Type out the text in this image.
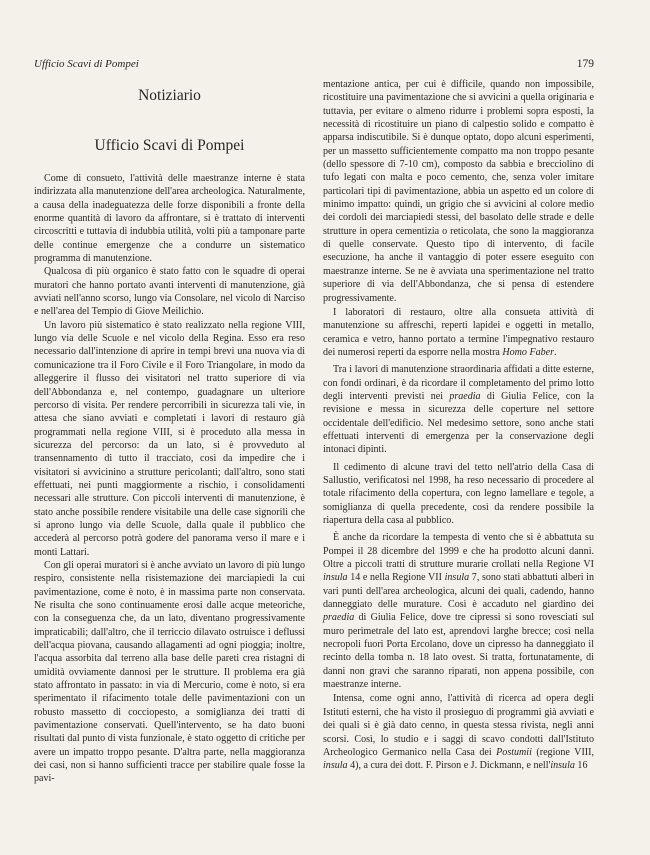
Ufficio Scavi di Pompei	179
Notiziario
Ufficio Scavi di Pompei

Come di consueto, l'attività delle maestranze interne è stata indirizzata alla manutenzione dell'area archeologica. Naturalmente, a causa della inadeguatezza delle forze disponibili a fronte della enorme quantità di lavoro da affrontare, si è trattato di interventi circoscritti e tuttavia di indubbia utilità, volti più a tamponare parte delle continue emergenze che a condurre un sistematico programma di manutenzione.

Qualcosa di più organico è stato fatto con le squadre di operai muratori che hanno portato avanti interventi di manutenzione, già avviati nell'anno scorso, lungo via Consolare, nel vicolo di Narciso e nell'area del Tempio di Giove Meilichio.

Un lavoro più sistematico è stato realizzato nella regione VIII, lungo via delle Scuole e nel vicolo della Regina. Esso era reso necessario dall'intenzione di aprire in tempi brevi una nuova via di comunicazione tra il Foro Civile e il Foro Triangolare, in modo da alleggerire il flusso dei visitatori nel tratto superiore di via dell'Abbondanza e, nel contempo, guadagnare un ulteriore percorso di visita. Per rendere percorribili in sicurezza tali vie, in attesa che siano avviati e completati i lavori di restauro già programmati nella regione VIII, si è proceduto alla messa in sicurezza del percorso: da un lato, si è provveduto al transennamento di tutto il tracciato, così da impedire che i visitatori si avvicinino a strutture pericolanti; dall'altro, sono stati effettuati, nei punti maggiormente a rischio, i consolidamenti necessari alle strutture. Con piccoli interventi di manutenzione, è stato anche possibile rendere visitabile una delle case signorili che si aprono lungo via delle Scuole, dalla quale il pubblico che accederà al percorso potrà godere del panorama verso il mare e i monti Lattari.

Con gli operai muratori si è anche avviato un lavoro di più lungo respiro, consistente nella risistemazione dei marciapiedi la cui pavimentazione, come è noto, è in massima parte non conservata. Ne risulta che sono continuamente erosi dalle acque meteoriche, con la conseguenza che, da un lato, diventano progressivamente impraticabili; dall'altro, che il terriccio dilavato ostruisce i deflussi dell'acqua piovana, causando allagamenti ad ogni pioggia; inoltre, l'acqua assorbita dal terreno alla base delle pareti crea ristagni di umidità ovviamente dannosi per le strutture. Il problema era già stato affrontato in passato: in via di Mercurio, come è noto, si era sperimentato il rifacimento totale delle pavimentazioni con un robusto massetto di cocciopesto, a somiglianza dei tratti di pavimentazione conservati. Quell'intervento, se ha dato buoni risultati dal punto di vista funzionale, è stato oggetto di critiche per avere un impatto troppo pesante. D'altra parte, nella maggioranza dei casi, non si hanno sufficienti tracce per stabilire quale fosse la pavi-

mentazione antica, per cui è difficile, quando non impossibile, ricostituire una pavimentazione che si avvicini a quella originaria e tuttavia, per evitare o almeno ridurre i problemi sopra esposti, la necessità di ricostituire un piano di calpestio solido e compatto è apparsa indiscutibile. Si è dunque optato, dopo alcuni esperimenti, per un massetto sufficientemente compatto ma non troppo pesante (dello spessore di 7-10 cm), composto da sabbia e brecciolino di tufo legati con malta e poco cemento, che, senza voler imitare particolari tipi di pavimentazione, abbia un aspetto ed un colore di minimo impatto: quindi, un grigio che si avvicini al colore medio dei cordoli dei marciapiedi stessi, del basolato delle strade e delle strutture in opera cementizia o reticolata, che sono la maggioranza di quelle conservate. Questo tipo di intervento, di facile esecuzione, ha anche il vantaggio di poter essere eseguito con maestranze interne. Se ne è avviata una sperimentazione nel tratto superiore di via dell'Abbondanza, che si pensa di estendere progressivamente.

I laboratori di restauro, oltre alla consueta attività di manutenzione su affreschi, reperti lapidei e oggetti in metallo, ceramica e vetro, hanno portato a termine l'impegnativo restauro dei numerosi reperti da esporre nella mostra Homo Faber.

Tra i lavori di manutenzione straordinaria affidati a ditte esterne, con fondi ordinari, è da ricordare il completamento del primo lotto degli interventi previsti nei praedia di Giulia Felice, con la revisione e messa in sicurezza delle coperture nel settore occidentale dell'edificio. Nel medesimo settore, sono anche stati effettuati interventi di emergenza per la conservazione degli intonaci dipinti.

Il cedimento di alcune travi del tetto nell'atrio della Casa di Sallustio, verificatosi nel 1998, ha reso necessario di procedere al totale rifacimento della copertura, con legno lamellare e tegole, a somiglianza di quella precedente, così da rendere possibile la riapertura della casa al pubblico.

È anche da ricordare la tempesta di vento che si è abbattuta su Pompei il 28 dicembre del 1999 e che ha prodotto alcuni danni. Oltre a piccoli tratti di strutture murarie crollati nella Regione VI insula 14 e nella Regione VII insula 7, sono stati abbattuti alberi in vari punti dell'area archeologica, alcuni dei quali, cadendo, hanno danneggiato delle murature. Così è accaduto nel giardino dei praedia di Giulia Felice, dove tre cipressi si sono rovesciati sul muro perimetrale del lato est, aprendovi larghe brecce; così nella necropoli fuori Porta Ercolano, dove un cipresso ha danneggiato il recinto della tomba n. 18 lato ovest. Si tratta, fortunatamente, di danni non gravi che saranno riparati, non appena possibile, con maestranze interne.

Intensa, come ogni anno, l'attività di ricerca ad opera degli Istituti esterni, che ha visto il prosieguo di programmi già avviati e dei quali si è già dato cenno, in questa stessa rivista, negli anni scorsi. Così, lo studio e i saggi di scavo condotti dall'Istituto Archeologico Germanico nella Casa dei Postumii (regione VIII, insula 4), a cura dei dott. F. Pirson e J. Dickmann, e nell'insula 16
